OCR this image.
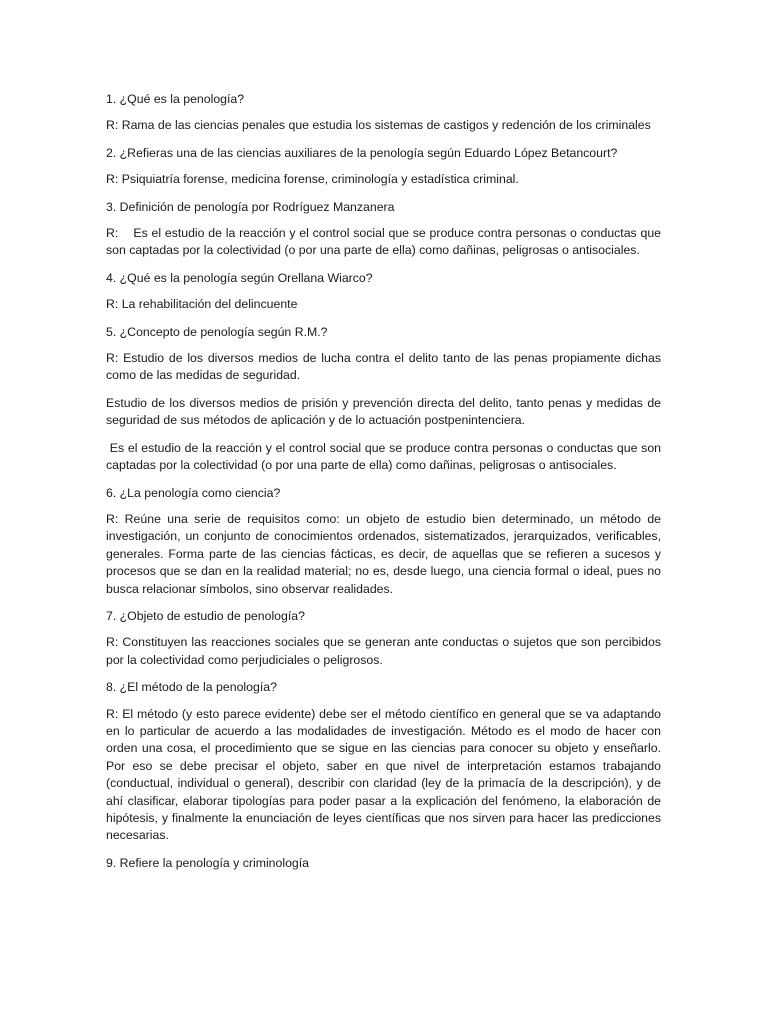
1. ¿Qué es la penología?

R: Rama de las ciencias penales que estudia los sistemas de castigos y redención de los criminales

2. ¿Refieras una de las ciencias auxiliares de la penología según Eduardo López Betancourt?

R: Psiquiatría forense, medicina forense, criminología y estadística criminal.

3. Definición de penología por Rodríguez Manzanera

R:    Es el estudio de la reacción y el control social que se produce contra personas o conductas que son captadas por la colectividad (o por una parte de ella) como dañinas, peligrosas o antisociales.

4. ¿Qué es la penología según Orellana Wiarco?

R: La rehabilitación del delincuente

5. ¿Concepto de penología según R.M.?

R: Estudio de los diversos medios de lucha contra el delito tanto de las penas propiamente dichas como de las medidas de seguridad.

Estudio de los diversos medios de prisión y prevención directa del delito, tanto penas y medidas de seguridad de sus métodos de aplicación y de lo actuación postpenintenciera.

Es el estudio de la reacción y el control social que se produce contra personas o conductas que son captadas por la colectividad (o por una parte de ella) como dañinas, peligrosas o antisociales.

6. ¿La penología como ciencia?

R: Reúne una serie de requisitos como: un objeto de estudio bien determinado, un método de investigación, un conjunto de conocimientos ordenados, sistematizados, jerarquizados, verificables, generales. Forma parte de las ciencias fácticas, es decir, de aquellas que se refieren a sucesos y procesos que se dan en la realidad material; no es, desde luego, una ciencia formal o ideal, pues no busca relacionar símbolos, sino observar realidades.

7. ¿Objeto de estudio de penología?

R: Constituyen las reacciones sociales que se generan ante conductas o sujetos que son percibidos por la colectividad como perjudiciales o peligrosos.

8. ¿El método de la penología?

R: El método (y esto parece evidente) debe ser el método científico en general que se va adaptando en lo particular de acuerdo a las modalidades de investigación. Método es el modo de hacer con orden una cosa, el procedimiento que se sigue en las ciencias para conocer su objeto y enseñarlo.    Por eso se debe precisar el objeto, saber en que nivel de interpretación estamos trabajando (conductual, individual o general), describir con claridad (ley de la primacía de la descripción), y de ahí clasificar, elaborar tipologías para poder pasar a la explicación del fenómeno, la elaboración de hipótesis, y finalmente la enunciación de leyes científicas que nos sirven para hacer las predicciones necesarias.

9. Refiere la penología y criminología
